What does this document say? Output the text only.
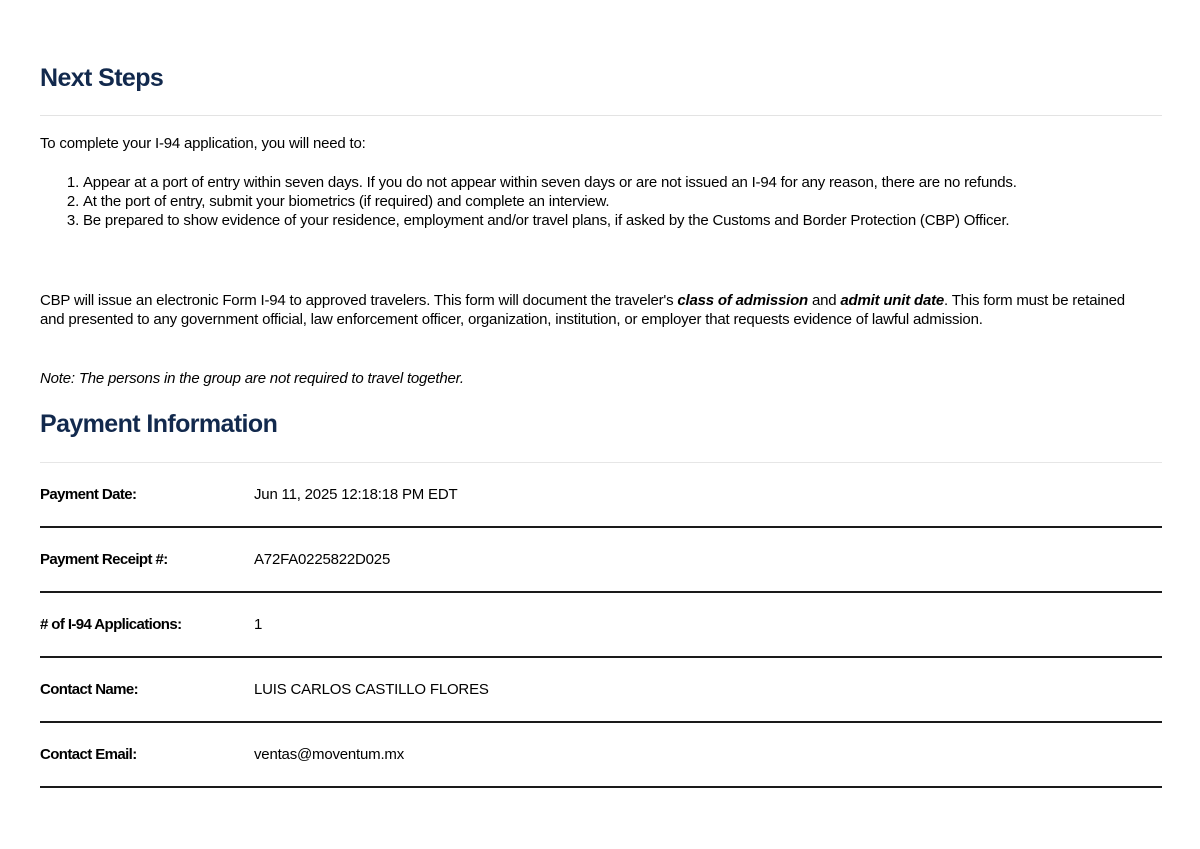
Next Steps

To complete your I-94 application, you will need to:

1. Appear at a port of entry within seven days. If you do not appear within seven days or are not issued an I-94 for any reason, there are no refunds.
2. At the port of entry, submit your biometrics (if required) and complete an interview.
3. Be prepared to show evidence of your residence, employment and/or travel plans, if asked by the Customs and Border Protection (CBP) Officer.

CBP will issue an electronic Form I-94 to approved travelers. This form will document the traveler's class of admission and admit unit date. This form must be retained and presented to any government official, law enforcement officer, organization, institution, or employer that requests evidence of lawful admission.

Note: The persons in the group are not required to travel together.

Payment Information
Payment Date:	Jun 11, 2025 12:18:18 PM EDT
Payment Receipt #:	A72FA0225822D025
# of I-94 Applications:	1
Contact Name:	LUIS CARLOS CASTILLO FLORES
Contact Email:	ventas@moventum.mx
